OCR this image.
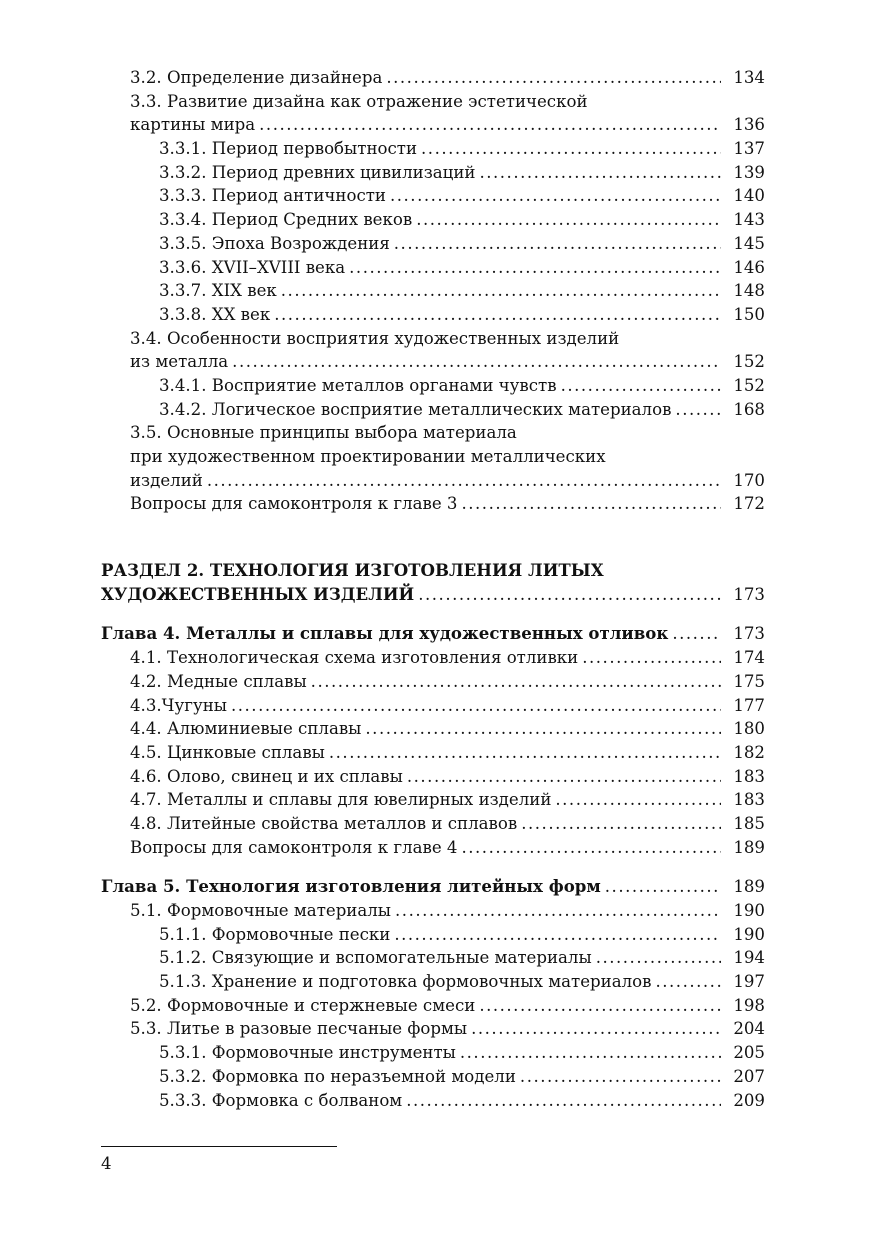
3.2. Определение дизайнера .....	134
3.3. Развитие дизайна как отражение эстетической
картины мира .....	136
3.3.1. Период первобытности .....	137
3.3.2. Период древних цивилизаций .....	139
3.3.3. Период античности .....	140
3.3.4. Период Средних веков .....	143
3.3.5. Эпоха Возрождения .....	145
3.3.6. XVII–XVIII века .....	146
3.3.7. XIX век .....	148
3.3.8. XX век .....	150
3.4. Особенности восприятия художественных изделий
из металла .....	152
3.4.1. Восприятие металлов органами чувств .....	152
3.4.2. Логическое восприятие металлических материалов .....	168
3.5. Основные принципы выбора материала
при художественном проектировании металлических
изделий .....	170
Вопросы для самоконтроля к главе 3 .....	172
РАЗДЕЛ 2. ТЕХНОЛОГИЯ ИЗГОТОВЛЕНИЯ ЛИТЫХ
ХУДОЖЕСТВЕННЫХ ИЗДЕЛИЙ .....	173
Глава 4. Металлы и сплавы для художественных отливок .....	173
4.1. Технологическая схема изготовления отливки .....	174
4.2. Медные сплавы .....	175
4.3.Чугуны .....	177
4.4. Алюминиевые сплавы .....	180
4.5. Цинковые сплавы .....	182
4.6. Олово, свинец и их сплавы .....	183
4.7. Металлы и сплавы для ювелирных изделий .....	183
4.8. Литейные свойства металлов и сплавов .....	185
Вопросы для самоконтроля к главе 4 .....	189
Глава 5. Технология изготовления литейных форм .....	189
5.1. Формовочные материалы .....	190
5.1.1. Формовочные пески .....	190
5.1.2. Связующие и вспомогательные материалы .....	194
5.1.3. Хранение и подготовка формовочных материалов .....	197
5.2. Формовочные и стержневые смеси .....	198
5.3. Литье в разовые песчаные формы .....	204
5.3.1. Формовочные инструменты .....	205
5.3.2. Формовка по неразъемной модели .....	207
5.3.3. Формовка с болваном .....	209
4
